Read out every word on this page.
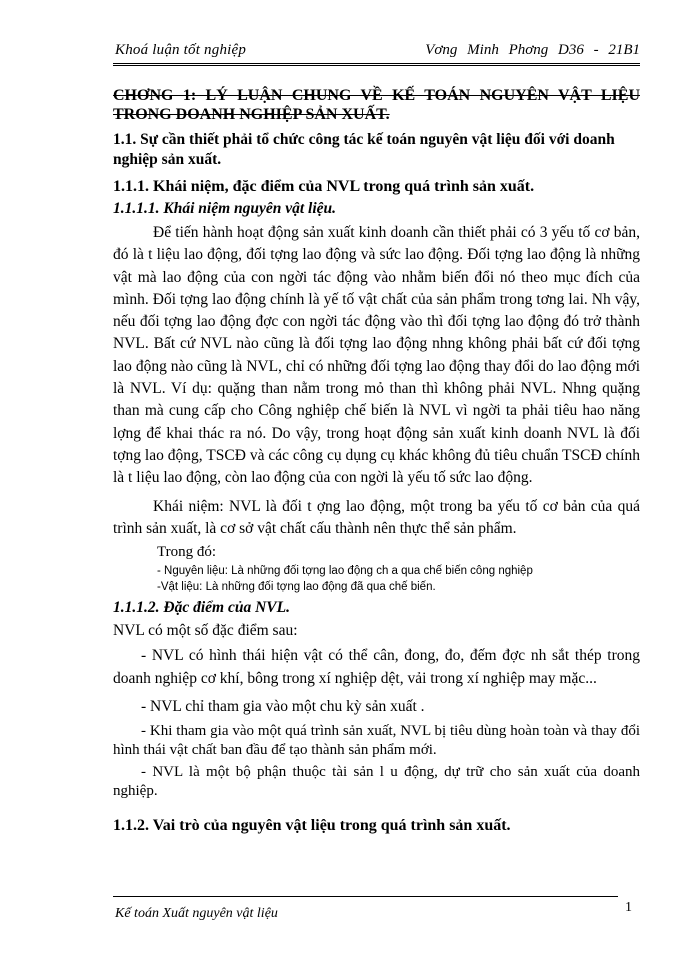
Khoá luận tốt nghiệp	Vơng Minh Phơng D36 - 21B1

CHƠNG 1: LÝ LUẬN CHUNG VỀ KẾ TOÁN NGUYÊN VẬT LIỆU TRONG DOANH NGHIỆP SẢN XUẤT.

1.1. Sự cần thiết phải tổ chức công tác kế toán nguyên vật liệu đối với doanh nghiệp sản xuất.

1.1.1. Khái niệm, đặc điểm của NVL trong quá trình sản xuất.

1.1.1.1. Khái niệm nguyên vật liệu.

Để tiến hành hoạt động sản xuất kinh doanh cần thiết phải có 3 yếu tố cơ bản, đó là t liệu lao động, đối tợng lao động và sức lao động. Đối tợng lao động là những vật mà lao động của con ngời tác động vào nhằm biến đổi nó theo mục đích của mình. Đối tợng lao động chính là yế tố vật chất của sản phẩm trong tơng lai. Nh vậy, nếu đối tợng lao động đợc con ngời tác động vào thì đối tợng lao động đó trở thành NVL. Bất cứ NVL nào cũng là đối tợng lao động nhng không phải bất cứ đối tợng lao động nào cũng là NVL, chỉ có những đối tợng lao động thay đổi do lao động mới là NVL. Ví dụ: quặng than nằm trong mỏ than thì không phải NVL. Nhng quặng than mà cung cấp cho Công nghiệp chế biến là NVL vì ngời ta phải tiêu hao năng lợng để khai thác ra nó. Do vậy, trong hoạt động sản xuất kinh doanh NVL là đối tợng lao động, TSCĐ và các công cụ dụng cụ khác không đủ tiêu chuẩn TSCĐ chính là t liệu lao động, còn lao động của con ngời là yếu tố sức lao động.

Khái niệm: NVL là đối t ợng lao động, một trong ba yếu tố cơ bản của quá trình sản xuất, là cơ sở vật chất cấu thành nên thực thể sản phẩm.

Trong đó:

- Nguyên liệu: Là những đối tợng lao động ch a qua chế biến công nghiệp

-Vật liệu: Là những đối tợng lao động đã qua chế biến.

1.1.1.2. Đặc điểm của NVL.

NVL có một số đặc điểm sau:

- NVL có hình thái hiện vật có thể cân, đong, đo, đếm đợc nh sắt thép trong doanh nghiệp cơ khí, bông trong xí nghiệp dệt, vải trong xí nghiệp may mặc...

- NVL chỉ tham gia vào một chu kỳ sản xuất .

- Khi tham gia vào một quá trình sản xuất, NVL bị tiêu dùng hoàn toàn và thay đổi hình thái vật chất ban đầu để tạo thành sản phẩm mới.

- NVL là một bộ phận thuộc tài sản l u động, dự trữ cho sản xuất của doanh nghiệp.

1.1.2. Vai trò của nguyên vật liệu trong quá trình sản xuất.

Kế toán Xuất nguyên vật liệu	1
